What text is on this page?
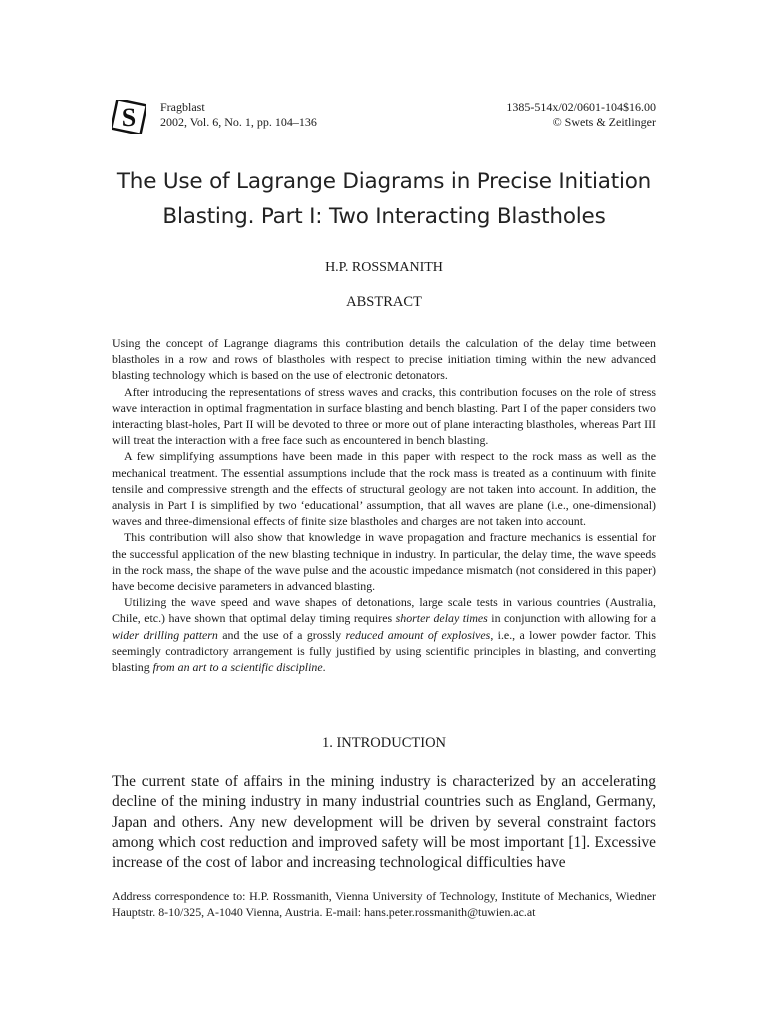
S Fragblast
2002, Vol. 6, No. 1, pp. 104–136
1385-514x/02/0601-104$16.00
© Swets & Zeitlinger
The Use of Lagrange Diagrams in Precise Initiation Blasting. Part I: Two Interacting Blastholes
H.P. ROSSMANITH
ABSTRACT

Using the concept of Lagrange diagrams this contribution details the calculation of the delay time between blastholes in a row and rows of blastholes with respect to precise initiation timing within the new advanced blasting technology which is based on the use of electronic detonators.

After introducing the representations of stress waves and cracks, this contribution focuses on the role of stress wave interaction in optimal fragmentation in surface blasting and bench blasting. Part I of the paper considers two interacting blast-holes, Part II will be devoted to three or more out of plane interacting blastholes, whereas Part III will treat the interaction with a free face such as encountered in bench blasting.

A few simplifying assumptions have been made in this paper with respect to the rock mass as well as the mechanical treatment. The essential assumptions include that the rock mass is treated as a continuum with finite tensile and compressive strength and the effects of structural geology are not taken into account. In addition, the analysis in Part I is simplified by two ‘educational’ assumption, that all waves are plane (i.e., one-dimensional) waves and three-dimensional effects of finite size blastholes and charges are not taken into account.

This contribution will also show that knowledge in wave propagation and fracture mechanics is essential for the successful application of the new blasting technique in industry. In particular, the delay time, the wave speeds in the rock mass, the shape of the wave pulse and the acoustic impedance mismatch (not considered in this paper) have become decisive parameters in advanced blasting.

Utilizing the wave speed and wave shapes of detonations, large scale tests in various countries (Australia, Chile, etc.) have shown that optimal delay timing requires shorter delay times in conjunction with allowing for a wider drilling pattern and the use of a grossly reduced amount of explosives, i.e., a lower powder factor. This seemingly contradictory arrangement is fully justified by using scientific principles in blasting, and converting blasting from an art to a scientific discipline.

1. INTRODUCTION

The current state of affairs in the mining industry is characterized by an accelerating decline of the mining industry in many industrial countries such as England, Germany, Japan and others. Any new development will be driven by several constraint factors among which cost reduction and improved safety will be most important [1]. Excessive increase of the cost of labor and increasing technological difficulties have

Address correspondence to: H.P. Rossmanith, Vienna University of Technology, Institute of Mechanics, Wiedner Hauptstr. 8-10/325, A-1040 Vienna, Austria. E-mail: hans.peter.rossmanith@tuwien.ac.at
